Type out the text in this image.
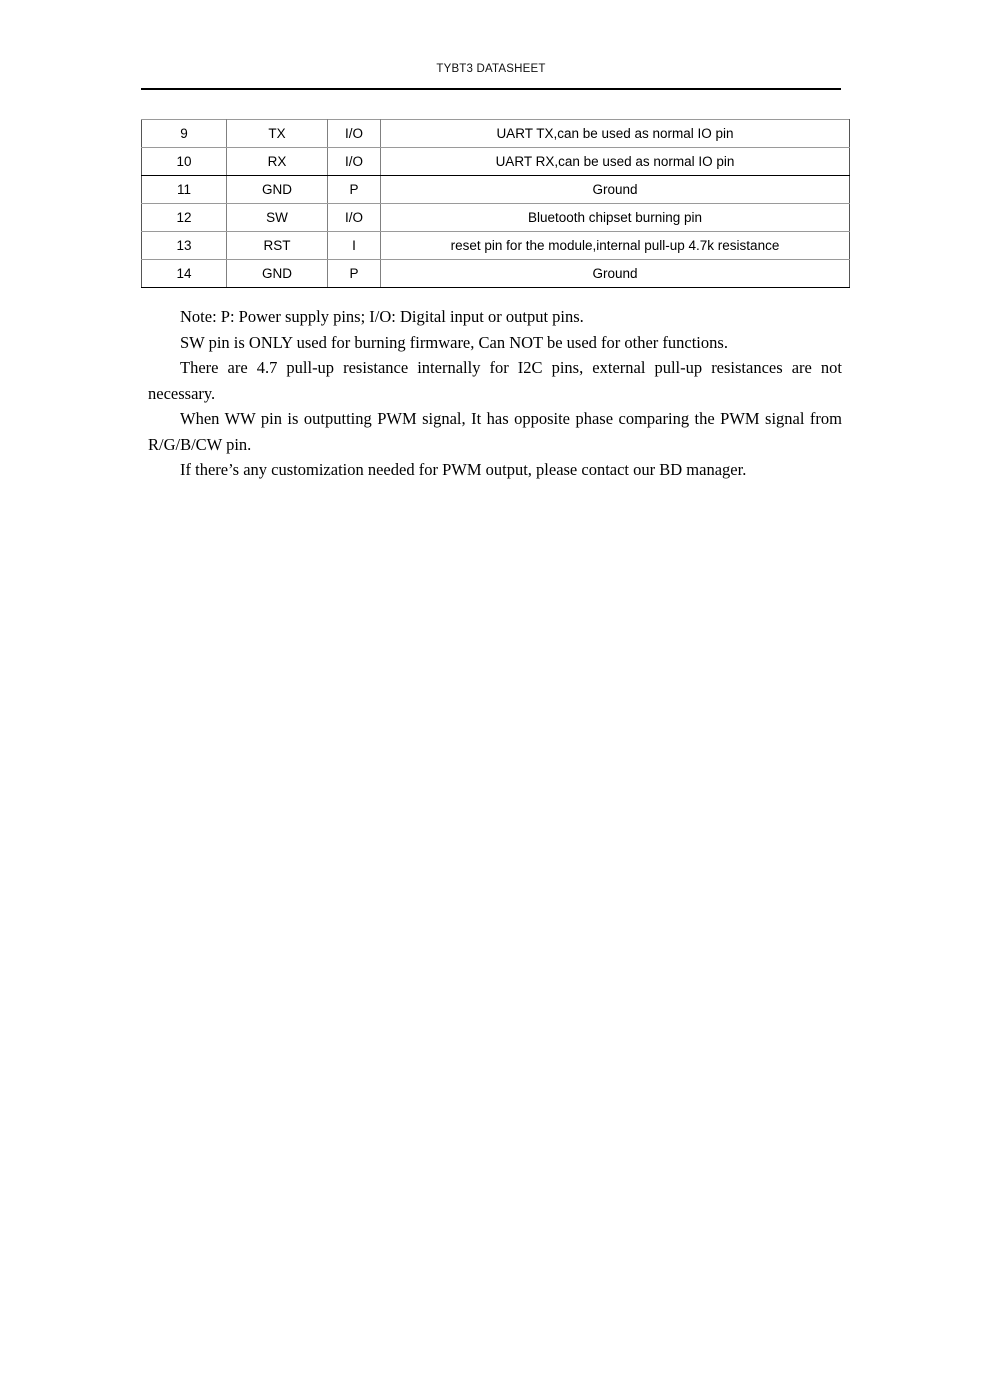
TYBT3 DATASHEET
9	TX	I/O	UART TX,can be used as normal IO pin
10	RX	I/O	UART RX,can be used as normal IO pin
11	GND	P	Ground
12	SW	I/O	Bluetooth chipset burning pin
13	RST	I	reset pin for the module,internal pull-up 4.7k resistance
14	GND	P	Ground

Note: P: Power supply pins; I/O: Digital input or output pins.

SW pin is ONLY used for burning firmware, Can NOT be used for other functions.

There are 4.7 pull-up resistance internally for I2C pins, external pull-up resistances are not necessary.

When WW pin is outputting PWM signal, It has opposite phase comparing the PWM signal from R/G/B/CW pin.

If there’s any customization needed for PWM output, please contact our BD manager.
